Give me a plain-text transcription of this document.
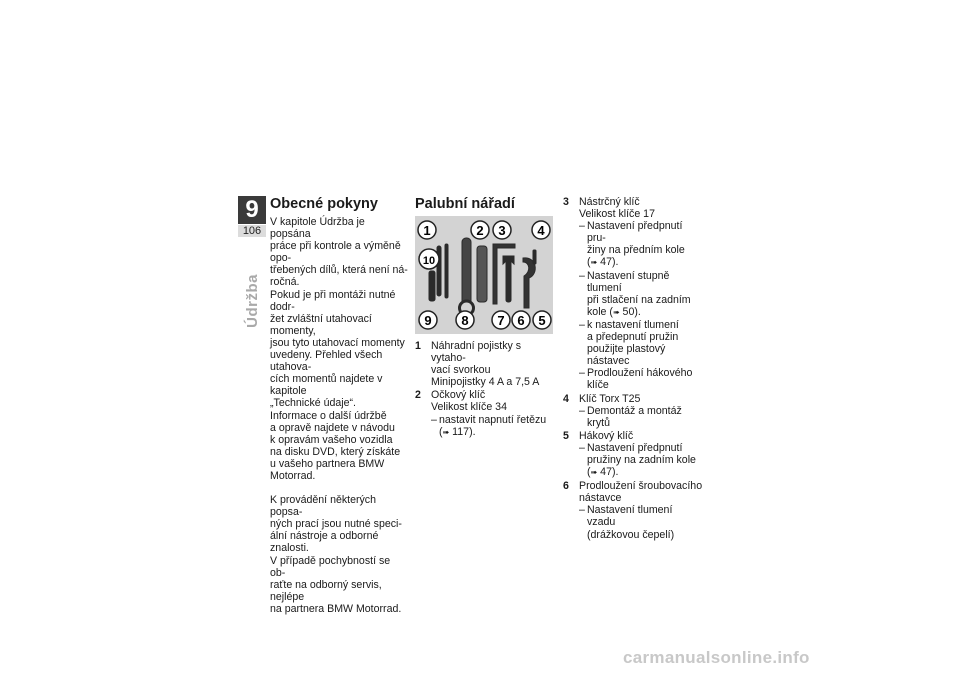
9
106
Údržba
Obecné pokyny

V kapitole Údržba je popsána
práce při kontrole a výměně opo-
třebených dílů, která není ná-
ročná.
Pokud je při montáži nutné dodr-
žet zvláštní utahovací momenty,
jsou tyto utahovací momenty
uvedeny. Přehled všech utahova-
cích momentů najdete v kapitole
„Technické údaje“.
Informace o další údržbě
a opravě najdete v návodu
k opravám vašeho vozidla
na disku DVD, který získáte
u vašeho partnera BMW
Motorrad.

K provádění některých popsa-
ných prací jsou nutné speci-
ální nástroje a odborné znalosti.
V případě pochybností se ob-
raťte na odborný servis, nejlépe
na partnera BMW Motorrad.

Palubní nářadí
1	2 3 4
10
9 8 7 6 5
1 Náhradní pojistky s vytaho-
vací svorkou
Minipojistky 4 A a 7,5 A
2 Očkový klíč
Velikost klíče 34
– nastavit napnutí řetězu
(➠ 117).
3 Nástrčný klíč
Velikost klíče 17
– Nastavení předpnutí pru-
žiny na předním kole
(➠ 47).
– Nastavení stupně tlumení
při stlačení na zadním
kole (➠ 50).
– k nastavení tlumení
a předepnutí pružin
použijte plastový
nástavec
– Prodloužení hákového
klíče
4 Klíč Torx T25
– Demontáž a montáž
krytů
5 Hákový klíč
– Nastavení předpnutí
pružiny na zadním kole
(➠ 47).
6 Prodloužení šroubovacího
nástavce
– Nastavení tlumení vzadu
(drážkovou čepelí)
carmanualsonline.info
